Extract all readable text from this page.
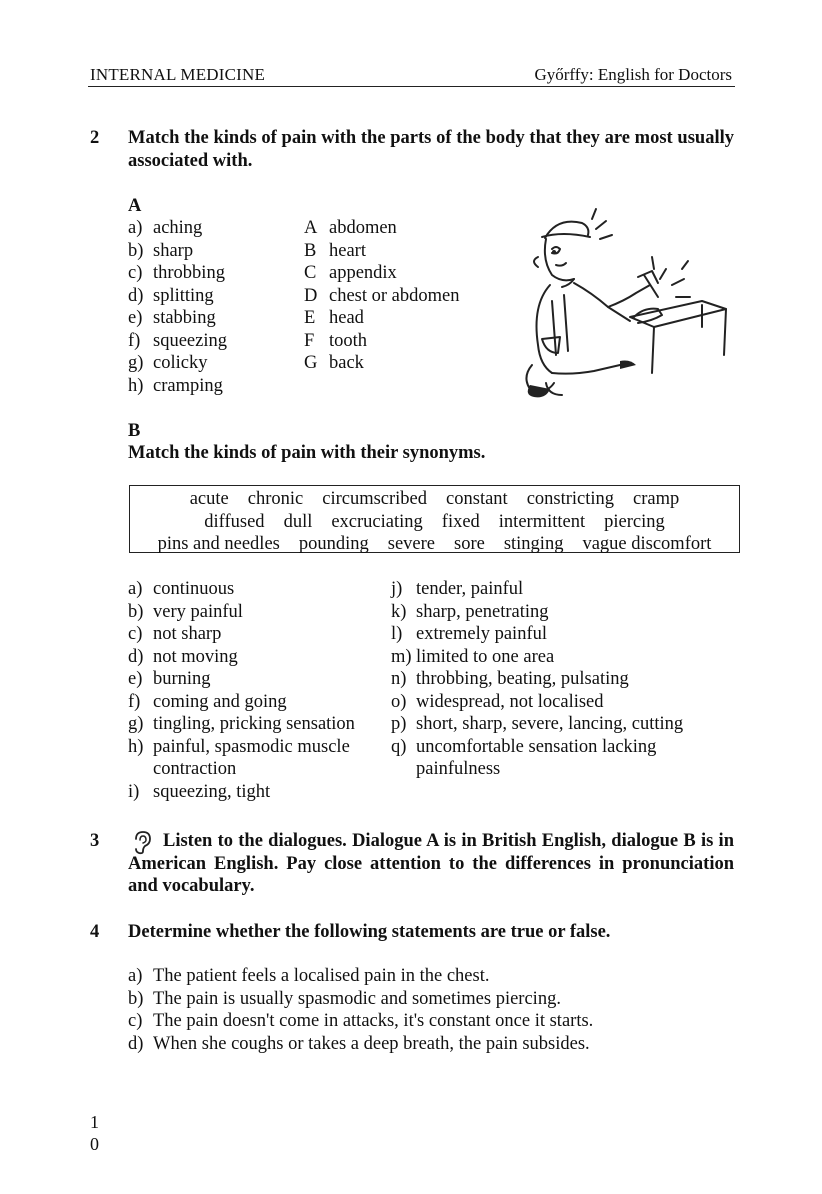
INTERNAL MEDICINE	Győrffy: English for Doctors
2 Match the kinds of pain with the parts of the body that they are most usually associated with.
A
a) aching
b) sharp
c) throbbing
d) splitting
e) stabbing
f) squeezing
g) colicky
h) cramping
A abdomen
B heart
C appendix
D chest or abdomen
E head
F tooth
G back
B
Match the kinds of pain with their synonyms.
acute chronic circumscribed constant constricting cramp
diffused dull excruciating fixed intermittent piercing
pins and needles pounding severe sore stinging vague discomfort
a) continuous
b) very painful
c) not sharp
d) not moving
e) burning
f) coming and going
g) tingling, pricking sensation
h) painful, spasmodic muscle contraction
i) squeezing, tight
j) tender, painful
k) sharp, penetrating
l) extremely painful
m) limited to one area
n) throbbing, beating, pulsating
o) widespread, not localised
p) short, sharp, severe, lancing, cutting
q) uncomfortable sensation lacking painfulness
3	Listen to the dialogues. Dialogue A is in British English, dialogue B is in American English. Pay close attention to the differences in pronunciation and vocabulary.
4 Determine whether the following statements are true or false.
a) The patient feels a localised pain in the chest.
b) The pain is usually spasmodic and sometimes piercing.
c) The pain doesn't come in attacks, it's constant once it starts.
d) When she coughs or takes a deep breath, the pain subsides.
1
0
